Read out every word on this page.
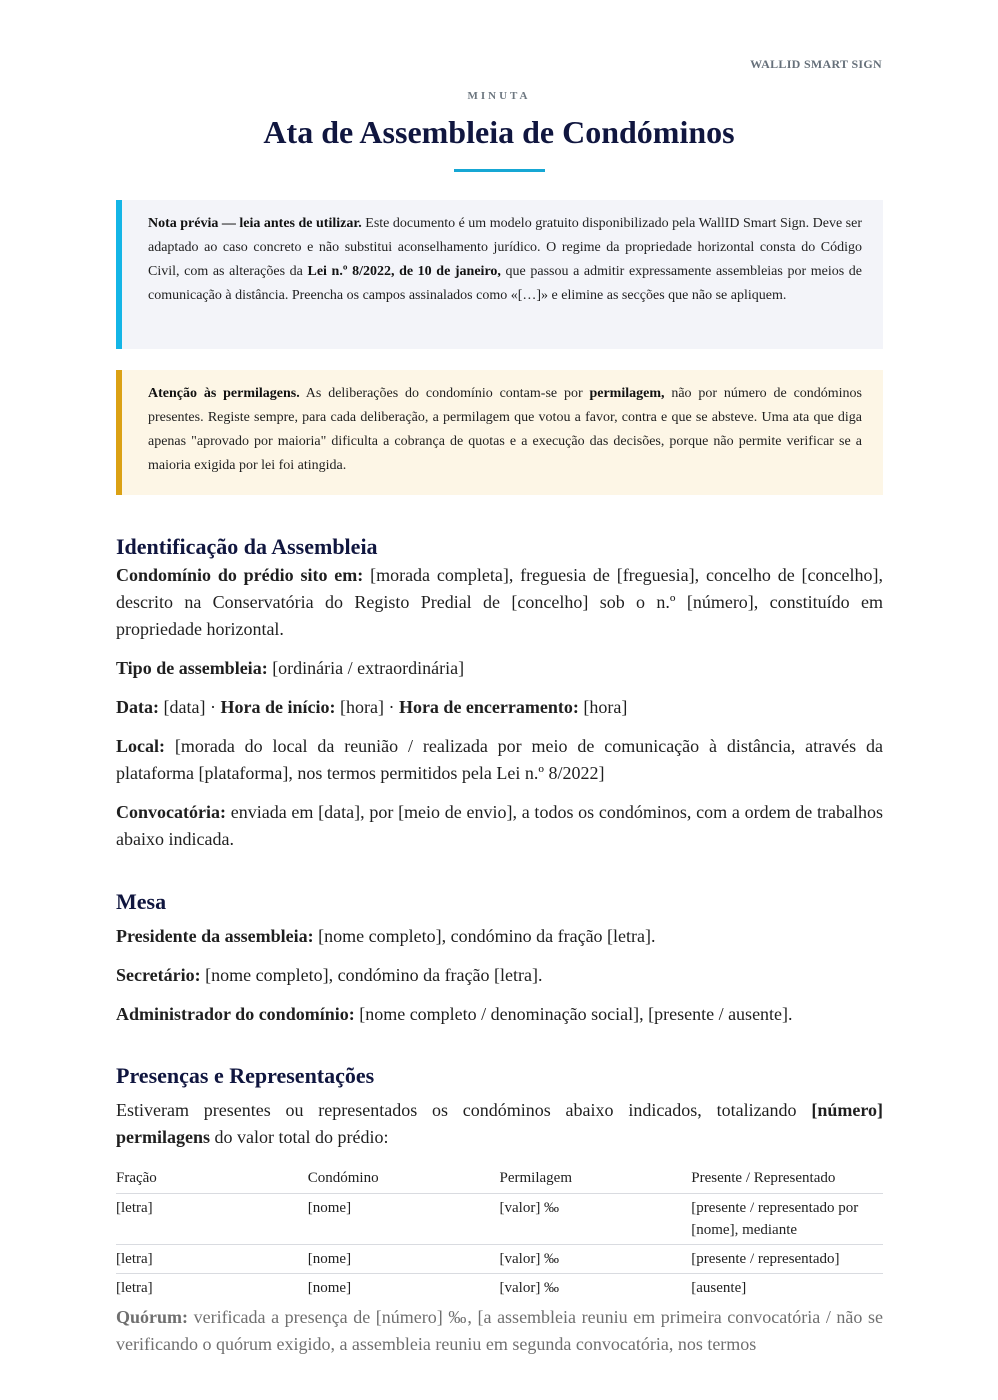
WALLID SMART SIGN
MINUTA
Ata de Assembleia de Condóminos
Nota prévia — leia antes de utilizar. Este documento é um modelo gratuito disponibilizado pela WallID Smart Sign. Deve ser adaptado ao caso concreto e não substitui aconselhamento jurídico. O regime da propriedade horizontal consta do Código Civil, com as alterações da Lei n.º 8/2022, de 10 de janeiro, que passou a admitir expressamente assembleias por meios de comunicação à distância. Preencha os campos assinalados como «[…]» e elimine as secções que não se apliquem.
Atenção às permilagens. As deliberações do condomínio contam-se por permilagem, não por número de condóminos presentes. Registe sempre, para cada deliberação, a permilagem que votou a favor, contra e que se absteve. Uma ata que diga apenas "aprovado por maioria" dificulta a cobrança de quotas e a execução das decisões, porque não permite verificar se a maioria exigida por lei foi atingida.
Identificação da Assembleia

Condomínio do prédio sito em: [morada completa], freguesia de [freguesia], concelho de [concelho], descrito na Conservatória do Registo Predial de [concelho] sob o n.º [número], constituído em propriedade horizontal.

Tipo de assembleia: [ordinária / extraordinária]

Data: [data] · Hora de início: [hora] · Hora de encerramento: [hora]

Local: [morada do local da reunião / realizada por meio de comunicação à distância, através da plataforma [plataforma], nos termos permitidos pela Lei n.º 8/2022]

Convocatória: enviada em [data], por [meio de envio], a todos os condóminos, com a ordem de trabalhos abaixo indicada.

Mesa

Presidente da assembleia: [nome completo], condómino da fração [letra].

Secretário: [nome completo], condómino da fração [letra].

Administrador do condomínio: [nome completo / denominação social], [presente / ausente].

Presenças e Representações

Estiveram presentes ou representados os condóminos abaixo indicados, totalizando [número] permilagens do valor total do prédio:

Fração	Condómino	Permilagem	Presente / Representado
[letra]	[nome]	[valor] ‰	[presente / representado por [nome], mediante
[letra]	[nome]	[valor] ‰	[presente / representado]
[letra]	[nome]	[valor] ‰	[ausente]

Quórum: verificada a presença de [número] ‰, [a assembleia reuniu em primeira convocatória / não se verificando o quórum exigido, a assembleia reuniu em segunda convocatória, nos termos
